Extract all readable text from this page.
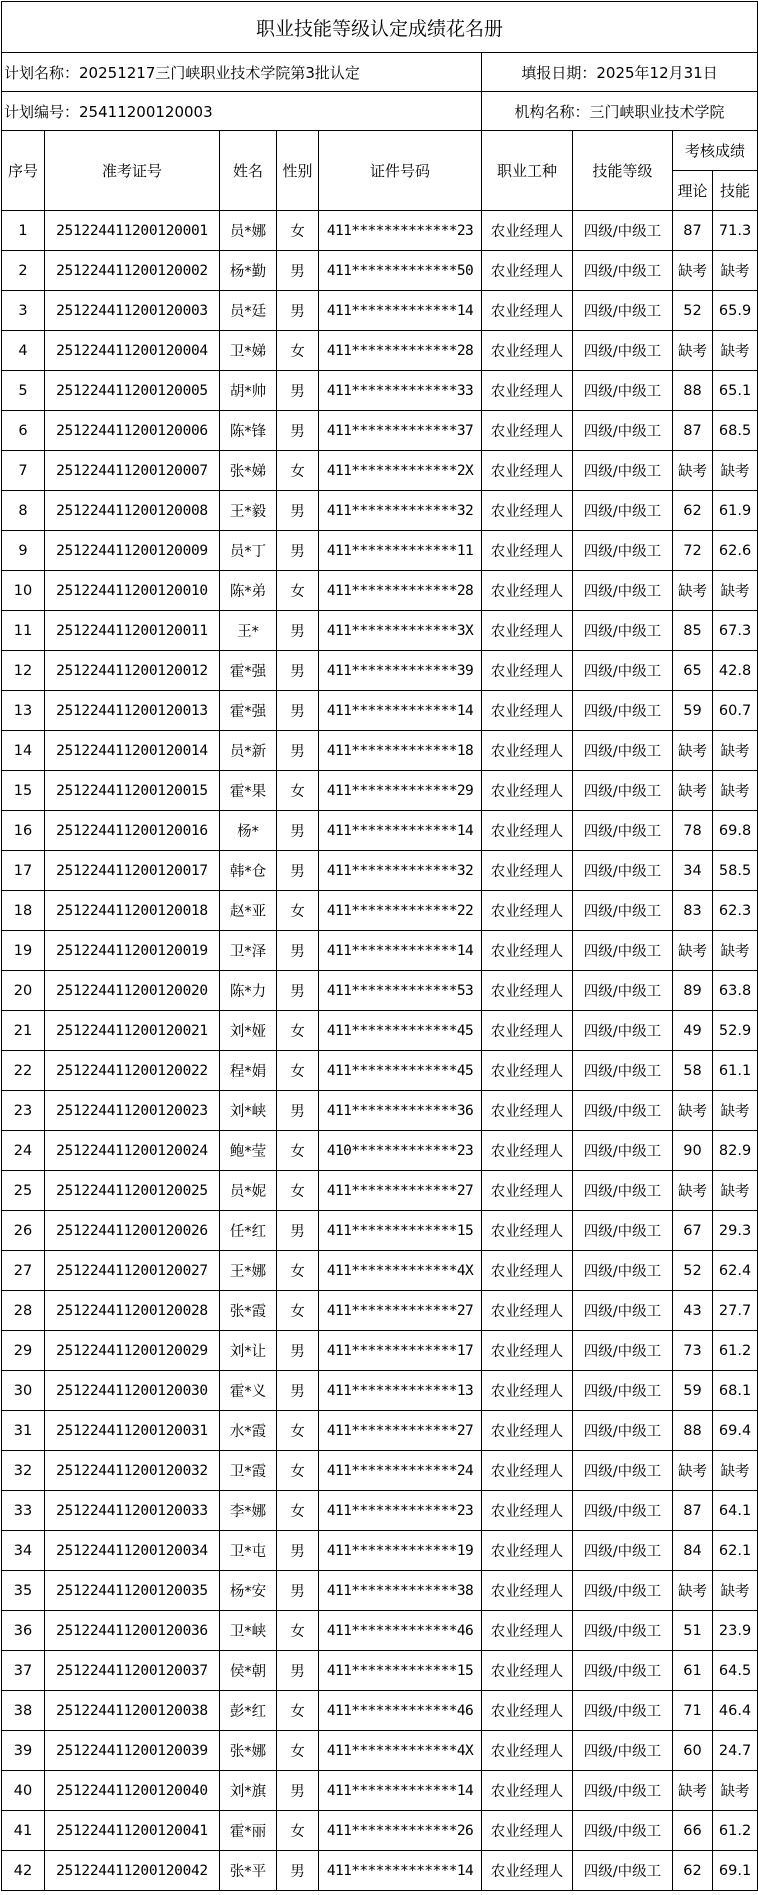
职业技能等级认定成绩花名册								
计划名称：20251217三门峡职业技术学院第3批认定					填报日期：2025年12月31日			
计划编号：25411200120003					机构名称：三门峡职业技术学院			
序号	准考证号	姓名	性别	证件号码	职业工种	技能等级	考核成绩	
							理论	技能
1	251224411200120001	员*娜	女	411*************23	农业经理人	四级/中级工	87	71.3
2	251224411200120002	杨*勤	男	411*************50	农业经理人	四级/中级工	缺考	缺考
3	251224411200120003	员*廷	男	411*************14	农业经理人	四级/中级工	52	65.9
4	251224411200120004	卫*娣	女	411*************28	农业经理人	四级/中级工	缺考	缺考
5	251224411200120005	胡*帅	男	411*************33	农业经理人	四级/中级工	88	65.1
6	251224411200120006	陈*锋	男	411*************37	农业经理人	四级/中级工	87	68.5
7	251224411200120007	张*娣	女	411*************2X	农业经理人	四级/中级工	缺考	缺考
8	251224411200120008	王*毅	男	411*************32	农业经理人	四级/中级工	62	61.9
9	251224411200120009	员*丁	男	411*************11	农业经理人	四级/中级工	72	62.6
10	251224411200120010	陈*弟	女	411*************28	农业经理人	四级/中级工	缺考	缺考
11	251224411200120011	王*	男	411*************3X	农业经理人	四级/中级工	85	67.3
12	251224411200120012	霍*强	男	411*************39	农业经理人	四级/中级工	65	42.8
13	251224411200120013	霍*强	男	411*************14	农业经理人	四级/中级工	59	60.7
14	251224411200120014	员*新	男	411*************18	农业经理人	四级/中级工	缺考	缺考
15	251224411200120015	霍*果	女	411*************29	农业经理人	四级/中级工	缺考	缺考
16	251224411200120016	杨*	男	411*************14	农业经理人	四级/中级工	78	69.8
17	251224411200120017	韩*仓	男	411*************32	农业经理人	四级/中级工	34	58.5
18	251224411200120018	赵*亚	女	411*************22	农业经理人	四级/中级工	83	62.3
19	251224411200120019	卫*泽	男	411*************14	农业经理人	四级/中级工	缺考	缺考
20	251224411200120020	陈*力	男	411*************53	农业经理人	四级/中级工	89	63.8
21	251224411200120021	刘*娅	女	411*************45	农业经理人	四级/中级工	49	52.9
22	251224411200120022	程*娟	女	411*************45	农业经理人	四级/中级工	58	61.1
23	251224411200120023	刘*峡	男	411*************36	农业经理人	四级/中级工	缺考	缺考
24	251224411200120024	鲍*莹	女	410*************23	农业经理人	四级/中级工	90	82.9
25	251224411200120025	员*妮	女	411*************27	农业经理人	四级/中级工	缺考	缺考
26	251224411200120026	任*红	男	411*************15	农业经理人	四级/中级工	67	29.3
27	251224411200120027	王*娜	女	411*************4X	农业经理人	四级/中级工	52	62.4
28	251224411200120028	张*霞	女	411*************27	农业经理人	四级/中级工	43	27.7
29	251224411200120029	刘*让	男	411*************17	农业经理人	四级/中级工	73	61.2
30	251224411200120030	霍*义	男	411*************13	农业经理人	四级/中级工	59	68.1
31	251224411200120031	水*霞	女	411*************27	农业经理人	四级/中级工	88	69.4
32	251224411200120032	卫*霞	女	411*************24	农业经理人	四级/中级工	缺考	缺考
33	251224411200120033	李*娜	女	411*************23	农业经理人	四级/中级工	87	64.1
34	251224411200120034	卫*屯	男	411*************19	农业经理人	四级/中级工	84	62.1
35	251224411200120035	杨*安	男	411*************38	农业经理人	四级/中级工	缺考	缺考
36	251224411200120036	卫*峡	女	411*************46	农业经理人	四级/中级工	51	23.9
37	251224411200120037	侯*朝	男	411*************15	农业经理人	四级/中级工	61	64.5
38	251224411200120038	彭*红	女	411*************46	农业经理人	四级/中级工	71	46.4
39	251224411200120039	张*娜	女	411*************4X	农业经理人	四级/中级工	60	24.7
40	251224411200120040	刘*旗	男	411*************14	农业经理人	四级/中级工	缺考	缺考
41	251224411200120041	霍*丽	女	411*************26	农业经理人	四级/中级工	66	61.2
42	251224411200120042	张*平	男	411*************14	农业经理人	四级/中级工	62	69.1
